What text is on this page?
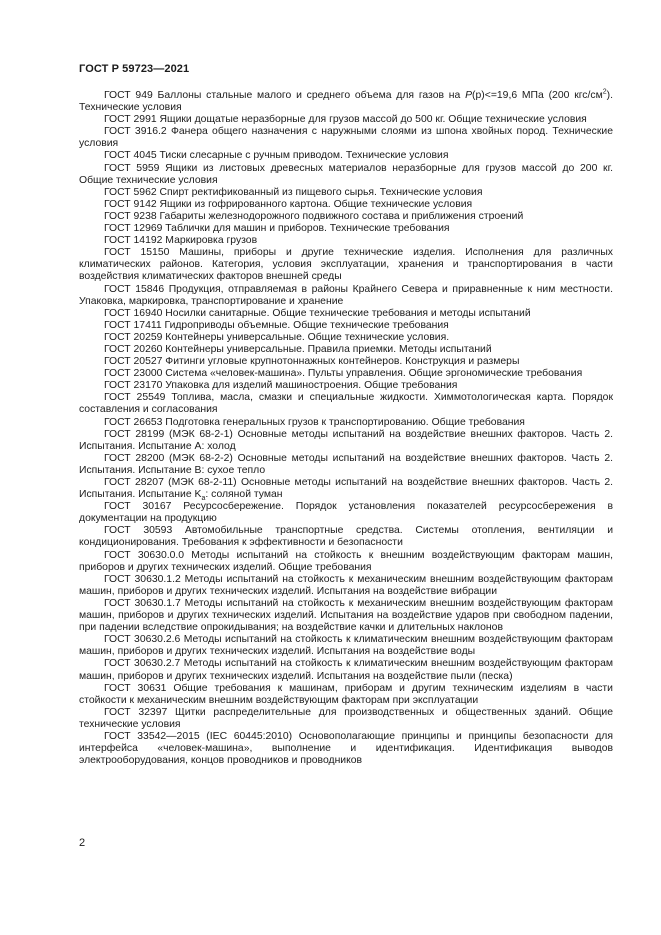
ГОСТ Р 59723—2021

ГОСТ 949 Баллоны стальные малого и среднего объема для газов на P(р)<=19,6 МПа (200 кгс/$см^2$). Технические условия

ГОСТ 2991 Ящики дощатые неразборные для грузов массой до 500 кг. Общие технические условия

ГОСТ 3916.2 Фанера общего назначения с наружными слоями из шпона хвойных пород. Технические условия

ГОСТ 4045 Тиски слесарные с ручным приводом. Технические условия

ГОСТ 5959 Ящики из листовых древесных материалов неразборные для грузов массой до 200 кг. Общие технические условия

ГОСТ 5962 Спирт ректификованный из пищевого сырья. Технические условия

ГОСТ 9142 Ящики из гофрированного картона. Общие технические условия

ГОСТ 9238 Габариты железнодорожного подвижного состава и приближения строений

ГОСТ 12969 Таблички для машин и приборов. Технические требования

ГОСТ 14192 Маркировка грузов

ГОСТ 15150 Машины, приборы и другие технические изделия. Исполнения для различных климатических районов. Категория, условия эксплуатации, хранения и транспортирования в части воздействия климатических факторов внешней среды

ГОСТ 15846 Продукция, отправляемая в районы Крайнего Севера и приравненные к ним местности. Упаковка, маркировка, транспортирование и хранение

ГОСТ 16940 Носилки санитарные. Общие технические требования и методы испытаний

ГОСТ 17411 Гидроприводы объемные. Общие технические требования

ГОСТ 20259 Контейнеры универсальные. Общие технические условия.

ГОСТ 20260 Контейнеры универсальные. Правила приемки. Методы испытаний

ГОСТ 20527 Фитинги угловые крупнотоннажных контейнеров. Конструкция и размеры

ГОСТ 23000 Система «человек-машина». Пульты управления. Общие эргономические требования

ГОСТ 23170 Упаковка для изделий машиностроения. Общие требования

ГОСТ 25549 Топлива, масла, смазки и специальные жидкости. Химмотологическая карта. Порядок составления и согласования

ГОСТ 26653 Подготовка генеральных грузов к транспортированию. Общие требования

ГОСТ 28199 (МЭК 68-2-1) Основные методы испытаний на воздействие внешних факторов. Часть 2. Испытания. Испытание А: холод

ГОСТ 28200 (МЭК 68-2-2) Основные методы испытаний на воздействие внешних факторов. Часть 2. Испытания. Испытание В: сухое тепло

ГОСТ 28207 (МЭК 68-2-11) Основные методы испытаний на воздействие внешних факторов. Часть 2. Испытания. Испытание $K_a$: соляной туман

ГОСТ 30167 Ресурсосбережение. Порядок установления показателей ресурсосбережения в документации на продукцию

ГОСТ 30593 Автомобильные транспортные средства. Системы отопления, вентиляции и кондиционирования. Требования к эффективности и безопасности

ГОСТ 30630.0.0 Методы испытаний на стойкость к внешним воздействующим факторам машин, приборов и других технических изделий. Общие требования

ГОСТ 30630.1.2 Методы испытаний на стойкость к механическим внешним воздействующим факторам машин, приборов и других технических изделий. Испытания на воздействие вибрации

ГОСТ 30630.1.7 Методы испытаний на стойкость к механическим внешним воздействующим факторам машин, приборов и других технических изделий. Испытания на воздействие ударов при свободном падении, при падении вследствие опрокидывания; на воздействие качки и длительных наклонов

ГОСТ 30630.2.6 Методы испытаний на стойкость к климатическим внешним воздействующим факторам машин, приборов и других технических изделий. Испытания на воздействие воды

ГОСТ 30630.2.7 Методы испытаний на стойкость к климатическим внешним воздействующим факторам машин, приборов и других технических изделий. Испытания на воздействие пыли (песка)

ГОСТ 30631 Общие требования к машинам, приборам и другим техническим изделиям в части стойкости к механическим внешним воздействующим факторам при эксплуатации

ГОСТ 32397 Щитки распределительные для производственных и общественных зданий. Общие технические условия

ГОСТ 33542—2015 (IEC 60445:2010) Основополагающие принципы и принципы безопасности для интерфейса «человек-машина», выполнение и идентификация. Идентификация выводов электрооборудования, концов проводников и проводников

2
